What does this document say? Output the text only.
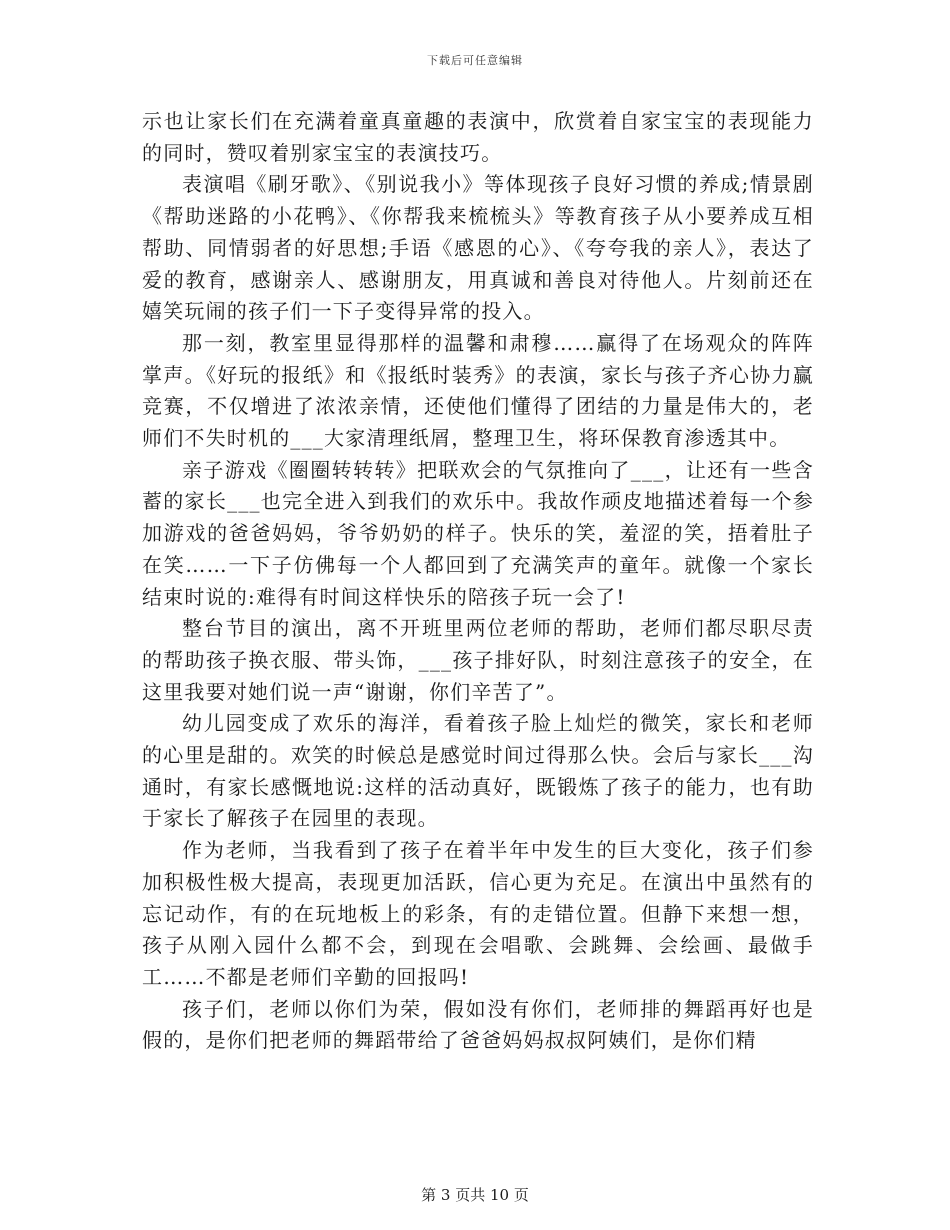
下载后可任意编辑

示也让家长们在充满着童真童趣的表演中，欣赏着自家宝宝的表现能力的同时，赞叹着别家宝宝的表演技巧。

表演唱《刷牙歌》、《别说我小》等体现孩子良好习惯的养成;情景剧《帮助迷路的小花鸭》、《你帮我来梳梳头》等教育孩子从小要养成互相帮助、同情弱者的好思想;手语《感恩的心》、《夸夸我的亲人》，表达了爱的教育，感谢亲人、感谢朋友，用真诚和善良对待他人。片刻前还在嬉笑玩闹的孩子们一下子变得异常的投入。

那一刻，教室里显得那样的温馨和肃穆……赢得了在场观众的阵阵掌声。《好玩的报纸》和《报纸时装秀》的表演，家长与孩子齐心协力赢竞赛，不仅增进了浓浓亲情，还使他们懂得了团结的力量是伟大的，老师们不失时机的___大家清理纸屑，整理卫生，将环保教育渗透其中。

亲子游戏《圈圈转转转》把联欢会的气氛推向了___，让还有一些含蓄的家长___也完全进入到我们的欢乐中。我故作顽皮地描述着每一个参加游戏的爸爸妈妈，爷爷奶奶的样子。快乐的笑，羞涩的笑，捂着肚子在笑……一下子仿佛每一个人都回到了充满笑声的童年。就像一个家长结束时说的:难得有时间这样快乐的陪孩子玩一会了!

整台节目的演出，离不开班里两位老师的帮助，老师们都尽职尽责的帮助孩子换衣服、带头饰，___孩子排好队，时刻注意孩子的安全，在这里我要对她们说一声“谢谢，你们辛苦了”。

幼儿园变成了欢乐的海洋，看着孩子脸上灿烂的微笑，家长和老师的心里是甜的。欢笑的时候总是感觉时间过得那么快。会后与家长___沟通时，有家长感慨地说:这样的活动真好，既锻炼了孩子的能力，也有助于家长了解孩子在园里的表现。

作为老师，当我看到了孩子在着半年中发生的巨大变化，孩子们参加积极性极大提高，表现更加活跃，信心更为充足。在演出中虽然有的忘记动作，有的在玩地板上的彩条，有的走错位置。但静下来想一想，孩子从刚入园什么都不会，到现在会唱歌、会跳舞、会绘画、最做手工……不都是老师们辛勤的回报吗!

孩子们，老师以你们为荣，假如没有你们，老师排的舞蹈再好也是假的，是你们把老师的舞蹈带给了爸爸妈妈叔叔阿姨们，是你们精

第 3 页共 10 页
